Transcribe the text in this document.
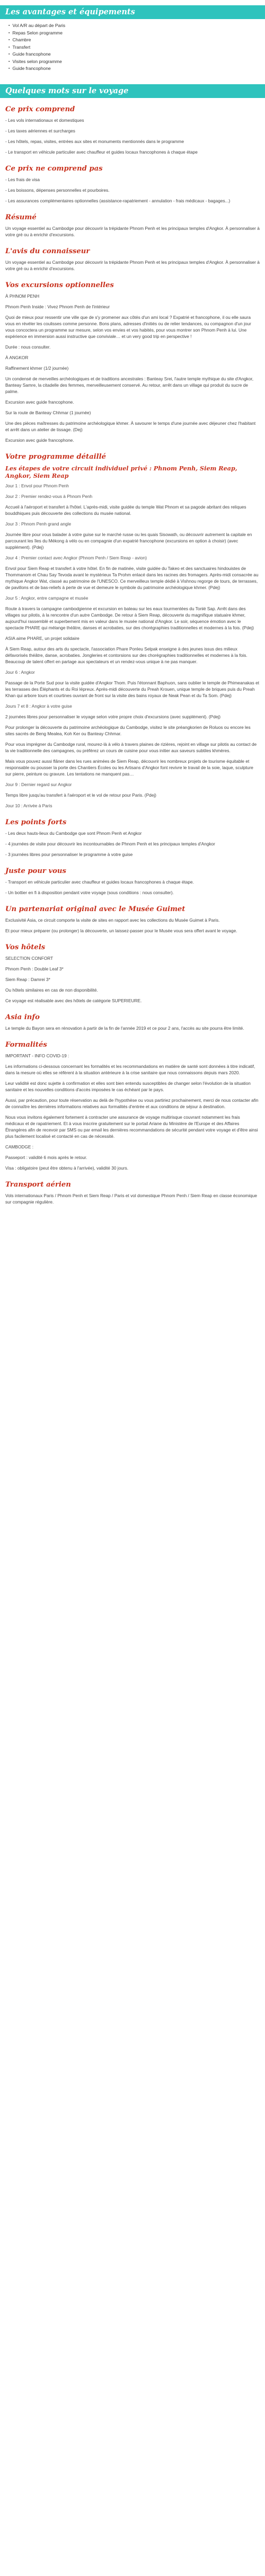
Les avantages et équipements
▪ Vol A/R au départ de Paris
▪ Repas Selon programme
▪ Chambre
▪ Transfert
▪ Guide francophone
▪ Visites selon programme
▪ Guide francophone
Quelques mots sur le voyage
Ce prix comprend

- Les vols internationaux et domestiques

- Les taxes aériennes et surcharges

- Les hôtels, repas, visites, entrées aux sites et monuments mentionnés dans le programme

- Le transport en véhicule particulier avec chauffeur et guides locaux francophones à chaque étape

Ce prix ne comprend pas

- Les frais de visa

- Les boissons, dépenses personnelles et pourboires.

- Les assurances complémentaires optionnelles (assistance-rapatriement - annulation - frais médicaux - bagages...)

Résumé

Un voyage essentiel au Cambodge pour découvrir la trépidante Phnom Penh et les principaux temples d'Angkor. À personnaliser à votre gré ou à enrichir d'excursions.

L'avis du connaisseur

Un voyage essentiel au Cambodge pour découvrir la trépidante Phnom Penh et les principaux temples d'Angkor. À personnaliser à votre gré ou à enrichir d'excursions.

Vos excursions optionnelles

À PHNOM PENH

Phnom Penh Inside : Vivez Phnom Penh de l'intérieur

Quoi de mieux pour ressentir une ville que de s'y promener aux côtés d'un ami local ? Expatrié et francophone, il ou elle saura vous en révéler les coulisses comme personne. Bons plans, adresses d'initiés ou de relier tendances, ou compagnon d'un jour vous concoctera un programme sur mesure, selon vos envies et vos habités, pour vous montrer son Phnom Penh à lui. Une expérience en immersion aussi instructive que conviviale… et un very good trip en perspective !

Durée : nous consulter.

À ANGKOR

Raffinement khmer (1/2 journée)

Un condensé de merveilles archéologiques et de traditions ancestrales : Banteay Srei, l'autre temple mythique du site d'Angkor, Banteay Samre, la citadelle des femmes, merveilleusement conservé. Au retour, arrêt dans un village qui produit du sucre de palme.

Excursion avec guide francophone.

Sur la route de Banteay Chhmar (1 journée)

Une des pièces maîtresses du patrimoine archéologique khmer. À savourer le temps d'une journée avec déjeuner chez l'habitant et arrêt dans un atelier de tissage. (Dej)

Excursion avec guide francophone.

Votre programme détaillé
Les étapes de votre circuit individuel privé : Phnom Penh, Siem Reap, Angkor, Siem Reap

Jour 1 : Envol pour Phnom Penh

Jour 2 : Premier rendez-vous à Phnom Penh

Accueil à l'aéroport et transfert à l'hôtel. L'après-midi, visite guidée du temple Wat Phnom et sa pagode abritant des reliques bouddhiques puis découverte des collections du musée national.

Jour 3 : Phnom Penh grand angle

Journée libre pour vous balader à votre guise sur le marché russe ou les quais Sisowath, ou découvrir autrement la capitale en parcourant les îles du Mékong à vélo ou en compagnie d'un expatrié francophone (excursions en option à choisir) (avec supplément). (Pdej)

Jour 4 : Premier contact avec Angkor (Phnom Penh / Siem Reap - avion)

Envol pour Siem Reap et transfert à votre hôtel. En fin de matinée, visite guidée du Takeo et des sanctuaires hindouistes de Thommanom et Chau Say Tevoda avant le mystérieux Ta Prohm enlacé dans les racines des fromagers. Après-midi consacrée au mythique Angkor Wat, classé au patrimoine de l'UNESCO. Ce merveilleux temple dédié à Vishnou regorge de tours, de terrasses, de pavillons et de bas-reliefs à perte de vue et demeure le symbole du patrimoine archéologique khmer. (Pdej)

Jour 5 : Angkor, entre campagne et musée

Route à travers la campagne cambodgienne et excursion en bateau sur les eaux tourmentées du Tonlé Sap. Arrêt dans des villages sur pilotis, à la rencontre d'un autre Cambodge. De retour à Siem Reap, découverte du magnifique statuaire khmer, aujourd'hui rassemblé et superbement mis en valeur dans le musée national d'Angkor. Le soir, séquence émotion avec le spectacle PHARE qui mélange théâtre, danses et acrobaties, sur des chorégraphies traditionnelles et modernes à la fois. (Pdej)

ASIA aime PHARE, un projet solidaire

À Siem Reap, autour des arts du spectacle, l'association Phare Ponleu Selpak enseigne à des jeunes issus des milieux défavorisés théâtre, danse, acrobaties. Jongleries et contorsions sur des chorégraphies traditionnelles et modernes à la fois. Beaucoup de talent offert en partage aux spectateurs et un rendez-vous unique à ne pas manquer.

Jour 6 : Angkor

Passage de la Porte Sud pour la visite guidée d'Angkor Thom. Puis l'étonnant Baphuon, sans oublier le temple de Phimeanakas et les terrasses des Éléphants et du Roi lépreux. Après-midi découverte du Preah Krouen, unique temple de briques puis du Preah Khan qui arbore tours et courtines ouvrant de front sur la visite des bains royaux de Neak Pean et du Ta Som. (Pdej)

Jours 7 et 8 : Angkor à votre guise

2 journées libres pour personnaliser le voyage selon votre propre choix d'excursions (avec supplément). (Pdej)

Pour prolonger la découverte du patrimoine archéologique du Cambodge, visitez le site préangkorien de Roluos ou encore les sites sacrés de Beng Mealea, Koh Ker ou Banteay Chhmar.

Pour vous imprégner du Cambodge rural, mourez-là à vélo à travers plaines de rizières, rejoint en village sur pilotis au contact de la vie traditionnelle des campagnes, ou préférez un cours de cuisine pour vous initier aux saveurs subtiles khmères.

Mais vous pouvez aussi flâner dans les rues animées de Siem Reap, découvrir les nombreux projets de tourisme équitable et responsable ou pousser la porte des Chantiers Écoles ou les Artisans d'Angkor font revivre le travail de la soie, laque, sculpture sur pierre, peinture ou gravure. Les tentations ne manquent pas…

Jour 9 : Dernier regard sur Angkor

Temps libre jusqu'au transfert à l'aéroport et le vol de retour pour Paris. (Pdej)

Jour 10 : Arrivée à Paris

Les points forts

- Les deux hauts-lieux du Cambodge que sont Phnom Penh et Angkor

- 4 journées de visite pour découvrir les incontournables de Phnom Penh et les principaux temples d'Angkor

- 3 journées libres pour personnaliser le programme à votre guise

Juste pour vous

- Transport en véhicule particulier avec chauffeur et guides locaux francophones à chaque étape.

- Un bottier en fi à disposition pendant votre voyage (sous conditions : nous consulter).

Un partenariat original avec le Musée Guimet

Exclusivité Asia, ce circuit comporte la visite de sites en rapport avec les collections du Musée Guimet à Paris.

Et pour mieux préparer (ou prolonger) la découverte, un laissez-passer pour le Musée vous sera offert avant le voyage.

Vos hôtels

SELECTION CONFORT

Phnom Penh : Double Leaf 3*

Siem Reap : Damrei 3*

Ou hôtels similaires en cas de non disponibilité.

Ce voyage est réalisable avec des hôtels de catégorie SUPERIEURE.

Asia info

Le temple du Bayon sera en rénovation à partir de la fin de l'année 2019 et ce pour 2 ans, l'accès au site pourra être limité.

Formalités

IMPORTANT - INFO COVID-19 :

Les informations ci-dessous concernant les formalités et les recommandations en matière de santé sont données à titre indicatif, dans la mesure où elles se réfèrent à la situation antérieure à la crise sanitaire que nous connaissons depuis mars 2020.

Leur validité est donc sujette à confirmation et elles sont bien entendu susceptibles de changer selon l'évolution de la situation sanitaire et les nouvelles conditions d'accès imposées le cas échéant par le pays.

Aussi, par précaution, pour toute réservation au delà de l'hypothèse ou vous partiriez prochainement, merci de nous contacter afin de connaître les dernières informations relatives aux formalités d'entrée et aux conditions de séjour à destination.

Nous vous invitons également fortement à contracter une assurance de voyage multirisque couvrant notamment les frais médicaux et de rapatriement. Et à vous inscrire gratuitement sur le portail Ariane du Ministère de l'Europe et des Affaires Étrangères afin de recevoir par SMS ou par email les dernières recommandations de sécurité pendant votre voyage et d'être ainsi plus facilement localisé et contacté en cas de nécessité.

CAMBODGE :

Passeport : validité 6 mois après le retour.

Visa : obligatoire (peut être obtenu à l'arrivée), validité 30 jours.

Transport aérien

Vols internationaux Paris / Phnom Penh et Siem Reap / Paris et vol domestique Phnom Penh / Siem Reap en classe économique sur compagnie régulière.
